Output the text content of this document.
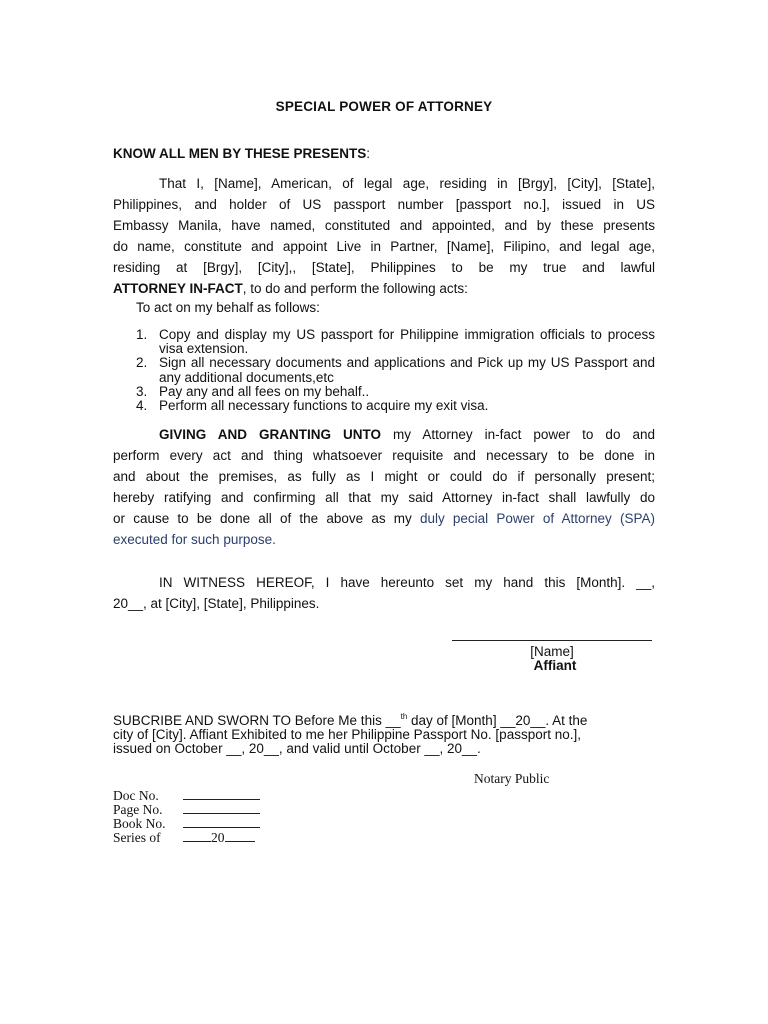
SPECIAL POWER OF ATTORNEY
KNOW ALL MEN BY THESE PRESENTS:
That I, [Name], American, of legal age, residing in [Brgy], [City], [State],
Philippines, and holder of US passport number [passport no.], issued in US
Embassy Manila, have named, constituted and appointed, and by these presents
do name, constitute and appoint Live in Partner, [Name], Filipino, and legal age,
residing at [Brgy], [City],, [State], Philippines to be my true and lawful
ATTORNEY IN-FACT, to do and perform the following acts:
To act on my behalf as follows:
1. Copy and display my US passport for Philippine immigration officials to process visa extension.
2. Sign all necessary documents and applications and Pick up my US Passport and any additional documents,etc
3. Pay any and all fees on my behalf..
4. Perform all necessary functions to acquire my exit visa.
GIVING AND GRANTING UNTO my Attorney in-fact power to do and
perform every act and thing whatsoever requisite and necessary to be done in
and about the premises, as fully as I might or could do if personally present;
hereby ratifying and confirming all that my said Attorney in-fact shall lawfully do
or cause to be done all of the above as my duly pecial Power of Attorney (SPA)
executed for such purpose.
IN WITNESS HEREOF, I have hereunto set my hand this [Month]. __,
20__, at [City], [State], Philippines.
[Name]
Affiant
SUBCRIBE AND SWORN TO Before Me this __$^{th}$ day of [Month] __20__. At the
city of [City]. Affiant Exhibited to me her Philippine Passport No. [passport no.],
issued on October __, 20__, and valid until October __, 20__.
Notary Public
Doc No.
Page No.
Book No.
Series of	20
